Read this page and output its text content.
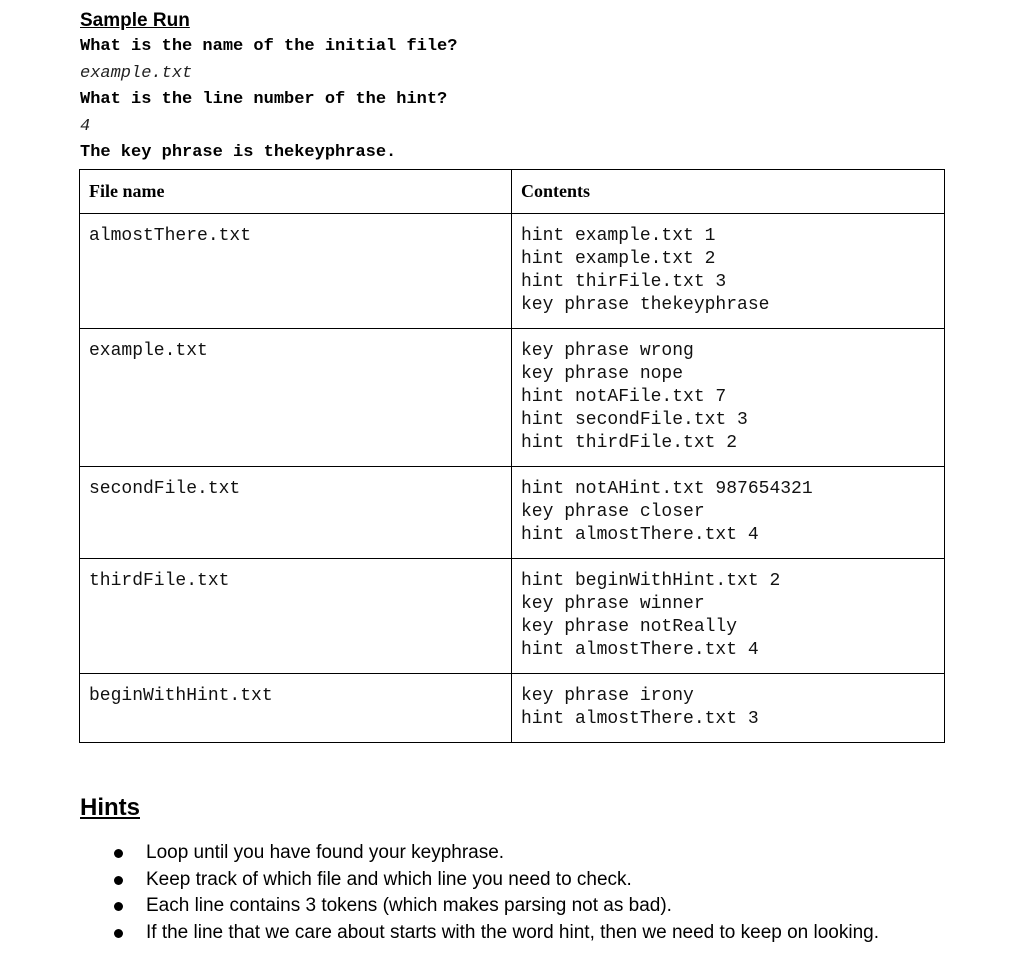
Sample Run

What is the name of the initial file?

example.txt

What is the line number of the hint?

4

The key phrase is thekeyphrase.

File name	Contents
almostThere.txt	hint example.txt 1
hint example.txt 2
hint thirFile.txt 3
key phrase thekeyphrase

example.txt	key phrase wrong
key phrase nope
hint notAFile.txt 7
hint secondFile.txt 3
hint thirdFile.txt 2

secondFile.txt	hint notAHint.txt 987654321
key phrase closer
hint almostThere.txt 4

thirdFile.txt	hint beginWithHint.txt 2
key phrase winner
key phrase notReally
hint almostThere.txt 4

beginWithHint.txt	key phrase irony
hint almostThere.txt 3
Hints
Loop until you have found your keyphrase.
Keep track of which file and which line you need to check.
Each line contains 3 tokens (which makes parsing not as bad).
If the line that we care about starts with the word hint, then we need to keep on looking.
